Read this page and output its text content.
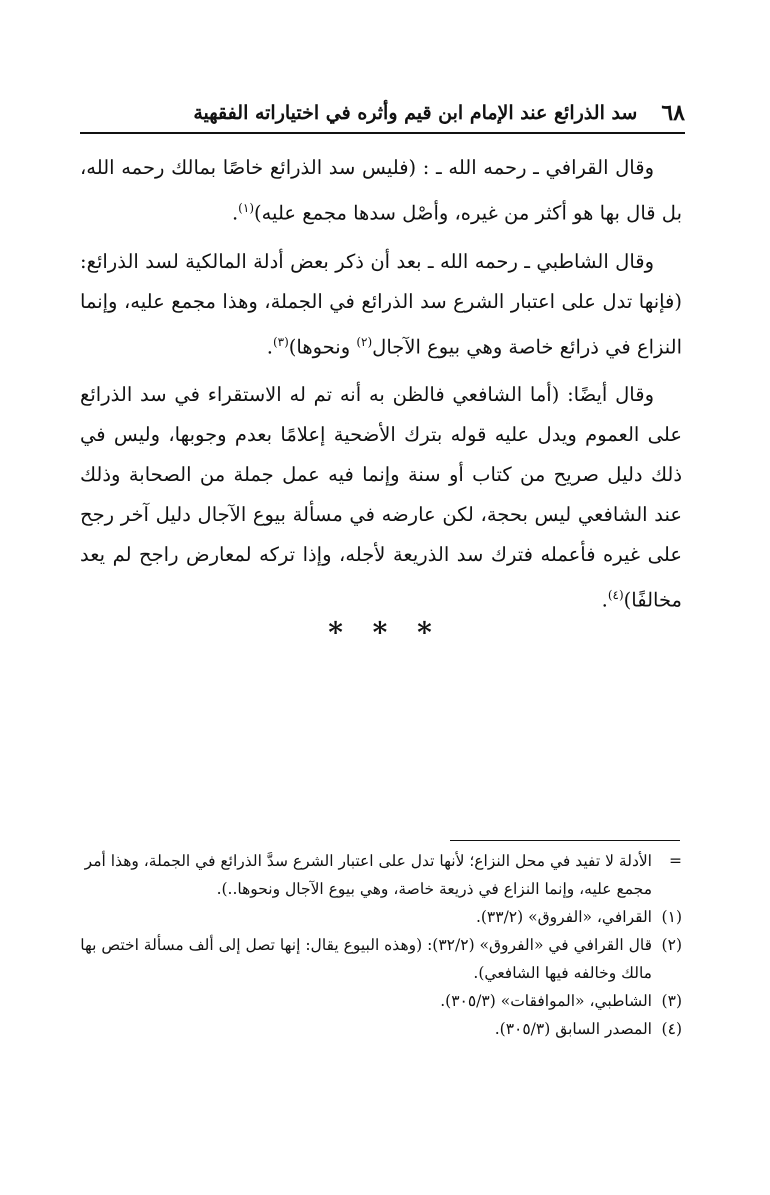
٦٨
سد الذرائع عند الإمام ابن قيم وأثره في اختياراته الفقهية

وقال القرافي ـ رحمه الله ـ : (فليس سد الذرائع خاصًا بمالك رحمه الله، بل قال بها هو أكثر من غيره، وأصْل سدها مجمع عليه)$^{(١)}$.

وقال الشاطبي ـ رحمه الله ـ بعد أن ذكر بعض أدلة المالكية لسد الذرائع: (فإنها تدل على اعتبار الشرع سد الذرائع في الجملة، وهذا مجمع عليه، وإنما النزاع في ذرائع خاصة وهي بيوع الآجال$^{(٢)}$ ونحوها)$^{(٣)}$.

وقال أيضًا: (أما الشافعي فالظن به أنه تم له الاستقراء في سد الذرائع على العموم ويدل عليه قوله بترك الأضحية إعلامًا بعدم وجوبها، وليس في ذلك دليل صريح من كتاب أو سنة وإنما فيه عمل جملة من الصحابة وذلك عند الشافعي ليس بحجة، لكن عارضه في مسألة بيوع الآجال دليل آخر رجح على غيره فأعمله فترك سد الذريعة لأجله، وإذا تركه لمعارض راجح لم يعد مخالفًا)$^{(٤)}$.

* * *
=
الأدلة لا تفيد في محل النزاع؛ لأنها تدل على اعتبار الشرع سدَّ الذرائع في الجملة، وهذا أمر مجمع عليه، وإنما النزاع في ذريعة خاصة، وهي بيوع الآجال ونحوها..).
(١)
القرافي، «الفروق» (٣٣/٢).
(٢)
قال القرافي في «الفروق» (٣٢/٢): (وهذه البيوع يقال: إنها تصل إلى ألف مسألة اختص بها مالك وخالفه فيها الشافعي).
(٣)
الشاطبي، «الموافقات» (٣٠٥/٣).
(٤)
المصدر السابق (٣٠٥/٣).
